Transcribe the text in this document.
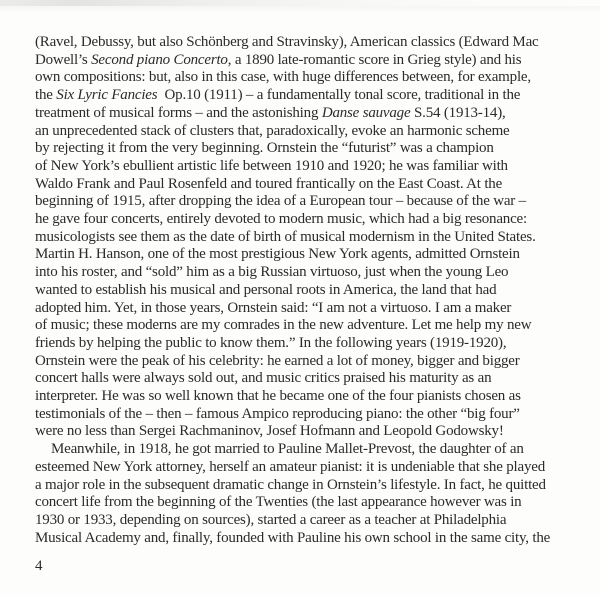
(Ravel, Debussy, but also Schönberg and Stravinsky), American classics (Edward Mac
Dowell’s Second piano Concerto, a 1890 late-romantic score in Grieg style) and his
own compositions: but, also in this case, with huge differences between, for example,
the Six Lyric Fancies  Op.10 (1911) – a fundamentally tonal score, traditional in the
treatment of musical forms – and the astonishing Danse sauvage S.54 (1913-14),
an unprecedented stack of clusters that, paradoxically, evoke an harmonic scheme
by rejecting it from the very beginning. Ornstein the “futurist” was a champion
of New York’s ebullient artistic life between 1910 and 1920; he was familiar with
Waldo Frank and Paul Rosenfeld and toured frantically on the East Coast. At the
beginning of 1915, after dropping the idea of a European tour – because of the war –
he gave four concerts, entirely devoted to modern music, which had a big resonance:
musicologists see them as the date of birth of musical modernism in the United States.
Martin H. Hanson, one of the most prestigious New York agents, admitted Ornstein
into his roster, and “sold” him as a big Russian virtuoso, just when the young Leo
wanted to establish his musical and personal roots in America, the land that had
adopted him. Yet, in those years, Ornstein said: “I am not a virtuoso. I am a maker
of music; these moderns are my comrades in the new adventure. Let me help my new
friends by helping the public to know them.” In the following years (1919-1920),
Ornstein were the peak of his celebrity: he earned a lot of money, bigger and bigger
concert halls were always sold out, and music critics praised his maturity as an
interpreter. He was so well known that he became one of the four pianists chosen as
testimonials of the – then – famous Ampico reproducing piano: the other “big four”
were no less than Sergei Rachmaninov, Josef Hofmann and Leopold Godowsky!
Meanwhile, in 1918, he got married to Pauline Mallet-Prevost, the daughter of an
esteemed New York attorney, herself an amateur pianist: it is undeniable that she played
a major role in the subsequent dramatic change in Ornstein’s lifestyle. In fact, he quitted
concert life from the beginning of the Twenties (the last appearance however was in
1930 or 1933, depending on sources), started a career as a teacher at Philadelphia
Musical Academy and, finally, founded with Pauline his own school in the same city, the
4
